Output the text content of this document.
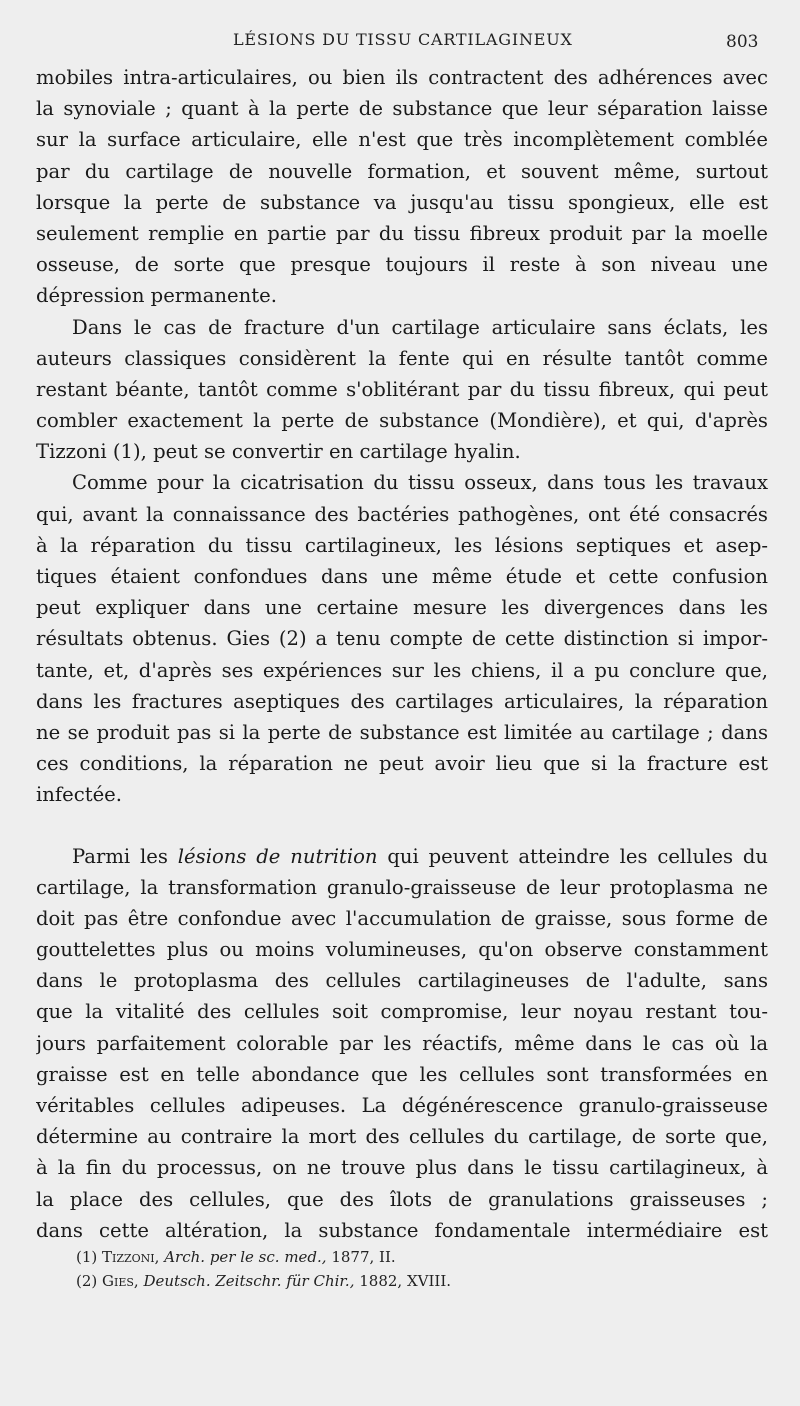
LÉSIONS DU TISSU CARTILAGINEUX	803
mobiles intra-articulaires, ou bien ils contractent des adhérences avec
la synoviale ; quant à la perte de substance que leur séparation laisse
sur la surface articulaire, elle n'est que très incomplètement comblée
par du cartilage de nouvelle formation, et souvent même, surtout
lorsque la perte de substance va jusqu'au tissu spongieux, elle est
seulement remplie en partie par du tissu fibreux produit par la moelle
osseuse, de sorte que presque toujours il reste à son niveau une
dépression permanente.
Dans le cas de fracture d'un cartilage articulaire sans éclats, les
auteurs classiques considèrent la fente qui en résulte tantôt comme
restant béante, tantôt comme s'oblitérant par du tissu fibreux, qui peut
combler exactement la perte de substance (Mondière), et qui, d'après
Tizzoni (1), peut se convertir en cartilage hyalin.
Comme pour la cicatrisation du tissu osseux, dans tous les travaux
qui, avant la connaissance des bactéries pathogènes, ont été consacrés
à la réparation du tissu cartilagineux, les lésions septiques et asep-
tiques étaient confondues dans une même étude et cette confusion
peut expliquer dans une certaine mesure les divergences dans les
résultats obtenus. Gies (2) a tenu compte de cette distinction si impor-
tante, et, d'après ses expériences sur les chiens, il a pu conclure que,
dans les fractures aseptiques des cartilages articulaires, la réparation
ne se produit pas si la perte de substance est limitée au cartilage ; dans
ces conditions, la réparation ne peut avoir lieu que si la fracture est
infectée.
Parmi les lésions de nutrition qui peuvent atteindre les cellules du
cartilage, la transformation granulo-graisseuse de leur protoplasma ne
doit pas être confondue avec l'accumulation de graisse, sous forme de
gouttelettes plus ou moins volumineuses, qu'on observe constamment
dans le protoplasma des cellules cartilagineuses de l'adulte, sans
que la vitalité des cellules soit compromise, leur noyau restant tou-
jours parfaitement colorable par les réactifs, même dans le cas où la
graisse est en telle abondance que les cellules sont transformées en
véritables cellules adipeuses. La dégénérescence granulo-graisseuse
détermine au contraire la mort des cellules du cartilage, de sorte que,
à la fin du processus, on ne trouve plus dans le tissu cartilagineux, à
la place des cellules, que des îlots de granulations graisseuses ;
dans cette altération, la substance fondamentale intermédiaire est
(1) Tizzoni, Arch. per le sc. med., 1877, II.
(2) Gies, Deutsch. Zeitschr. für Chir., 1882, XVIII.
